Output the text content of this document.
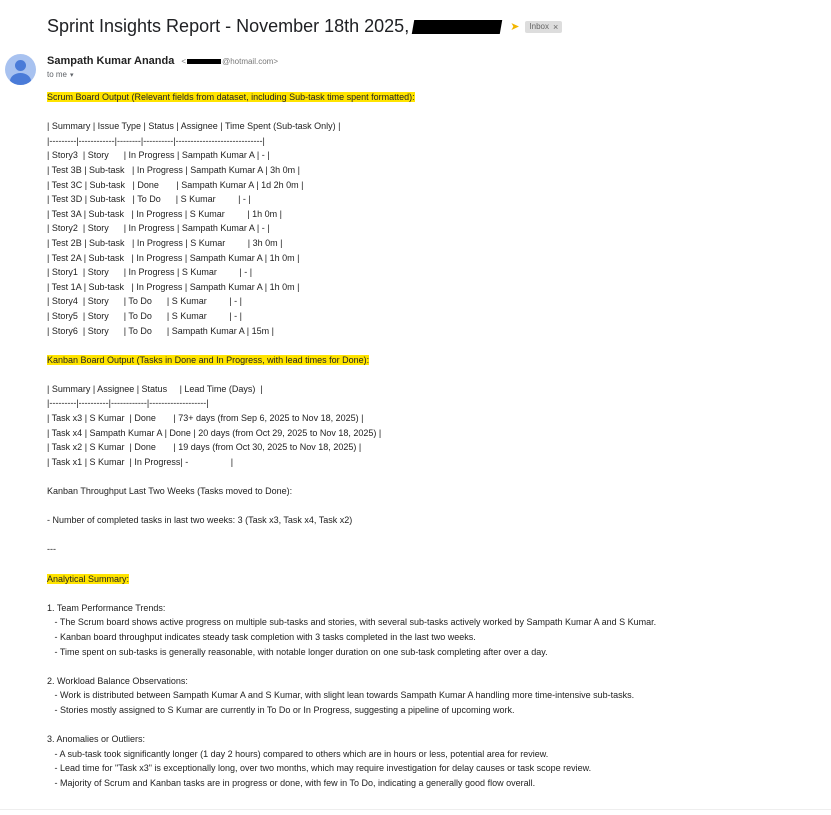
Sprint Insights Report - November 18th 2025,	➤ Inbox ×
Sampath Kumar Ananda <	@hotmail.com>
to me ▾
Scrum Board Output (Relevant fields from dataset, including Sub-task time spent formatted):
| Summary | Issue Type | Status | Assignee | Time Spent (Sub-task Only) |
|---------|------------|--------|----------|-----------------------------|
| Story3  | Story      | In Progress | Sampath Kumar A | - |
| Test 3B | Sub-task   | In Progress | Sampath Kumar A | 3h 0m |
| Test 3C | Sub-task   | Done       | Sampath Kumar A | 1d 2h 0m |
| Test 3D | Sub-task   | To Do      | S Kumar         | - |
| Test 3A | Sub-task   | In Progress | S Kumar         | 1h 0m |
| Story2  | Story      | In Progress | Sampath Kumar A | - |
| Test 2B | Sub-task   | In Progress | S Kumar         | 3h 0m |
| Test 2A | Sub-task   | In Progress | Sampath Kumar A | 1h 0m |
| Story1  | Story      | In Progress | S Kumar         | - |
| Test 1A | Sub-task   | In Progress | Sampath Kumar A | 1h 0m |
| Story4  | Story      | To Do      | S Kumar         | - |
| Story5  | Story      | To Do      | S Kumar         | - |
| Story6  | Story      | To Do      | Sampath Kumar A | 15m |
Kanban Board Output (Tasks in Done and In Progress, with lead times for Done):
| Summary | Assignee | Status     | Lead Time (Days)  |
|---------|----------|------------|-------------------|
| Task x3 | S Kumar  | Done       | 73+ days (from Sep 6, 2025 to Nov 18, 2025) |
| Task x4 | Sampath Kumar A | Done | 20 days (from Oct 29, 2025 to Nov 18, 2025) |
| Task x2 | S Kumar  | Done       | 19 days (from Oct 30, 2025 to Nov 18, 2025) |
| Task x1 | S Kumar  | In Progress| -                 |
Kanban Throughput Last Two Weeks (Tasks moved to Done):
- Number of completed tasks in last two weeks: 3 (Task x3, Task x4, Task x2)
---
Analytical Summary:
1. Team Performance Trends:
- The Scrum board shows active progress on multiple sub-tasks and stories, with several sub-tasks actively worked by Sampath Kumar A and S Kumar.
- Kanban board throughput indicates steady task completion with 3 tasks completed in the last two weeks.
- Time spent on sub-tasks is generally reasonable, with notable longer duration on one sub-task completing after over a day.
2. Workload Balance Observations:
- Work is distributed between Sampath Kumar A and S Kumar, with slight lean towards Sampath Kumar A handling more time-intensive sub-tasks.
- Stories mostly assigned to S Kumar are currently in To Do or In Progress, suggesting a pipeline of upcoming work.
3. Anomalies or Outliers:
- A sub-task took significantly longer (1 day 2 hours) compared to others which are in hours or less, potential area for review.
- Lead time for "Task x3" is exceptionally long, over two months, which may require investigation for delay causes or task scope review.
- Majority of Scrum and Kanban tasks are in progress or done, with few in To Do, indicating a generally good flow overall.
